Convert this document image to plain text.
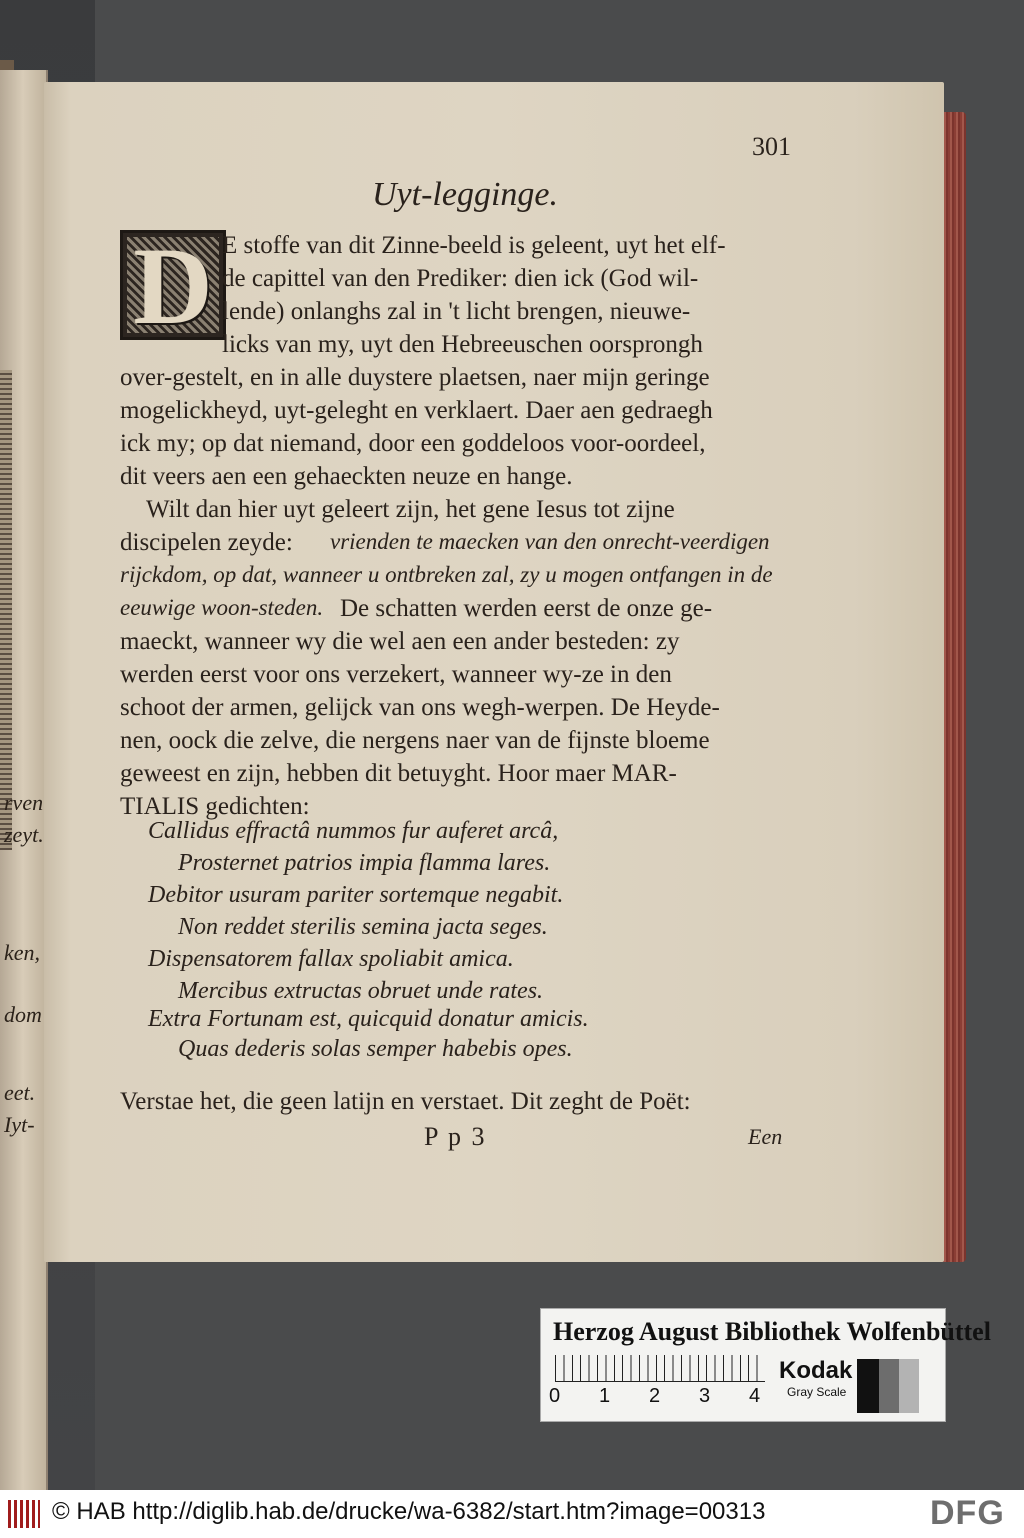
rven
zeyt.
ken,
dom
eet.
Iyt-
301
Uyt-legginge.
D E stoffe van dit Zinne-beeld is geleent, uyt het elf-
de capittel van den Prediker: dien ick (God wil-
lende) onlanghs zal in 't licht brengen, nieuwe-
licks van my, uyt den Hebreeuschen oorsprongh
over-gestelt, en in alle duystere plaetsen, naer mijn geringe
mogelickheyd, uyt-geleght en verklaert. Daer aen gedraegh
ick my; op dat niemand, door een goddeloos voor-oordeel,
dit veers aen een gehaeckten neuze en hange.
Wilt dan hier uyt geleert zijn, het gene Iesus tot zijne
discipelen zeyde: vrienden te maecken van den onrecht-veerdigen
rijckdom, op dat, wanneer u ontbreken zal, zy u mogen ontfangen in de
eeuwige woon-steden. De schatten werden eerst de onze ge-
maeckt, wanneer wy die wel aen een ander besteden: zy
werden eerst voor ons verzekert, wanneer wy-ze in den
schoot der armen, gelijck van ons wegh-werpen. De Heyde-
nen, oock die zelve, die nergens naer van de fijnste bloeme
geweest en zijn, hebben dit betuyght. Hoor maer MAR-
TIALIS gedichten:
Callidus effractâ nummos fur auferet arcâ,
Prosternet patrios impia flamma lares.
Debitor usuram pariter sortemque negabit.
Non reddet sterilis semina jacta seges.
Dispensatorem fallax spoliabit amica.
Mercibus extructas obruet unde rates.
Extra Fortunam est, quicquid donatur amicis.
Quas dederis solas semper habebis opes.
Verstae het, die geen latijn en verstaet. Dit zeght de Poët:
P p 3	Een
Herzog August Bibliothek Wolfenbüttel
0 1 2 3 4
Kodak
Gray Scale
© HAB http://diglib.hab.de/drucke/wa-6382/start.htm?image=00313	DFG
